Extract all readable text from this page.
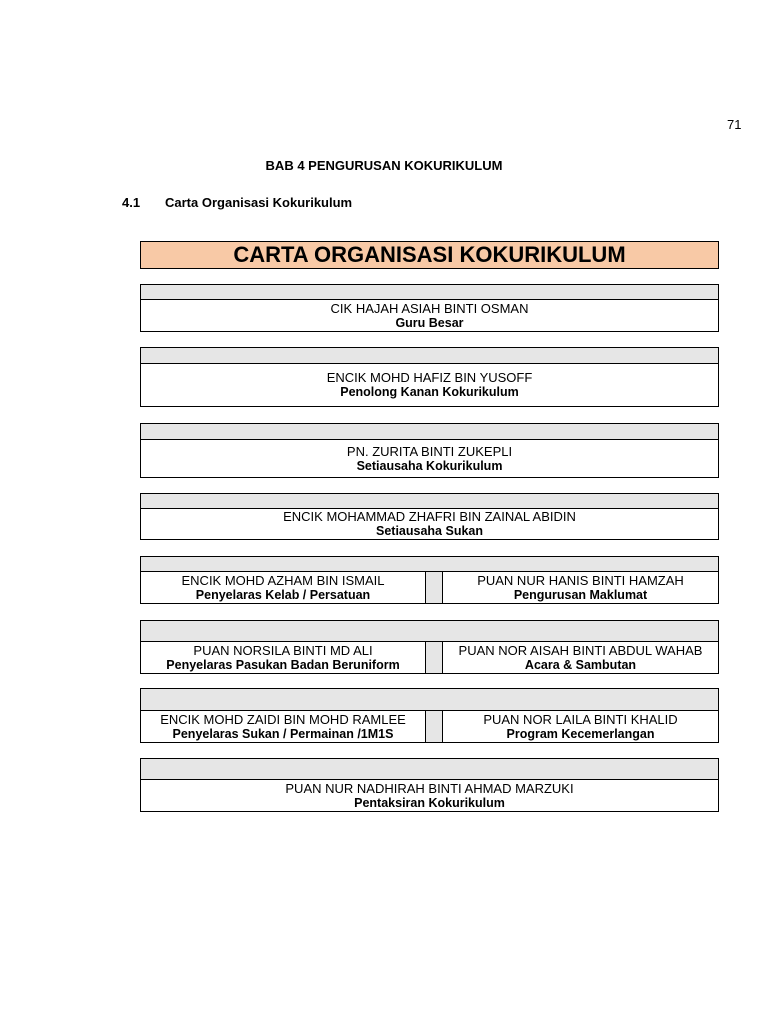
71
BAB 4 PENGURUSAN KOKURIKULUM
4.1 Carta Organisasi Kokurikulum
CARTA ORGANISASI KOKURIKULUM
CIK HAJAH ASIAH BINTI OSMAN
Guru Besar
ENCIK MOHD HAFIZ BIN YUSOFF
Penolong Kanan Kokurikulum
PN. ZURITA BINTI ZUKEPLI
Setiausaha Kokurikulum
ENCIK MOHAMMAD ZHAFRI BIN ZAINAL ABIDIN
Setiausaha Sukan
ENCIK MOHD AZHAM BIN ISMAIL
Penyelaras Kelab / Persatuan
PUAN NUR HANIS BINTI HAMZAH
Pengurusan Maklumat
PUAN NORSILA BINTI MD ALI
Penyelaras Pasukan Badan Beruniform
PUAN NOR AISAH BINTI ABDUL WAHAB
Acara & Sambutan
ENCIK MOHD ZAIDI BIN MOHD RAMLEE
Penyelaras Sukan / Permainan /1M1S
PUAN NOR LAILA BINTI KHALID
Program Kecemerlangan
PUAN NUR NADHIRAH BINTI AHMAD MARZUKI
Pentaksiran Kokurikulum
